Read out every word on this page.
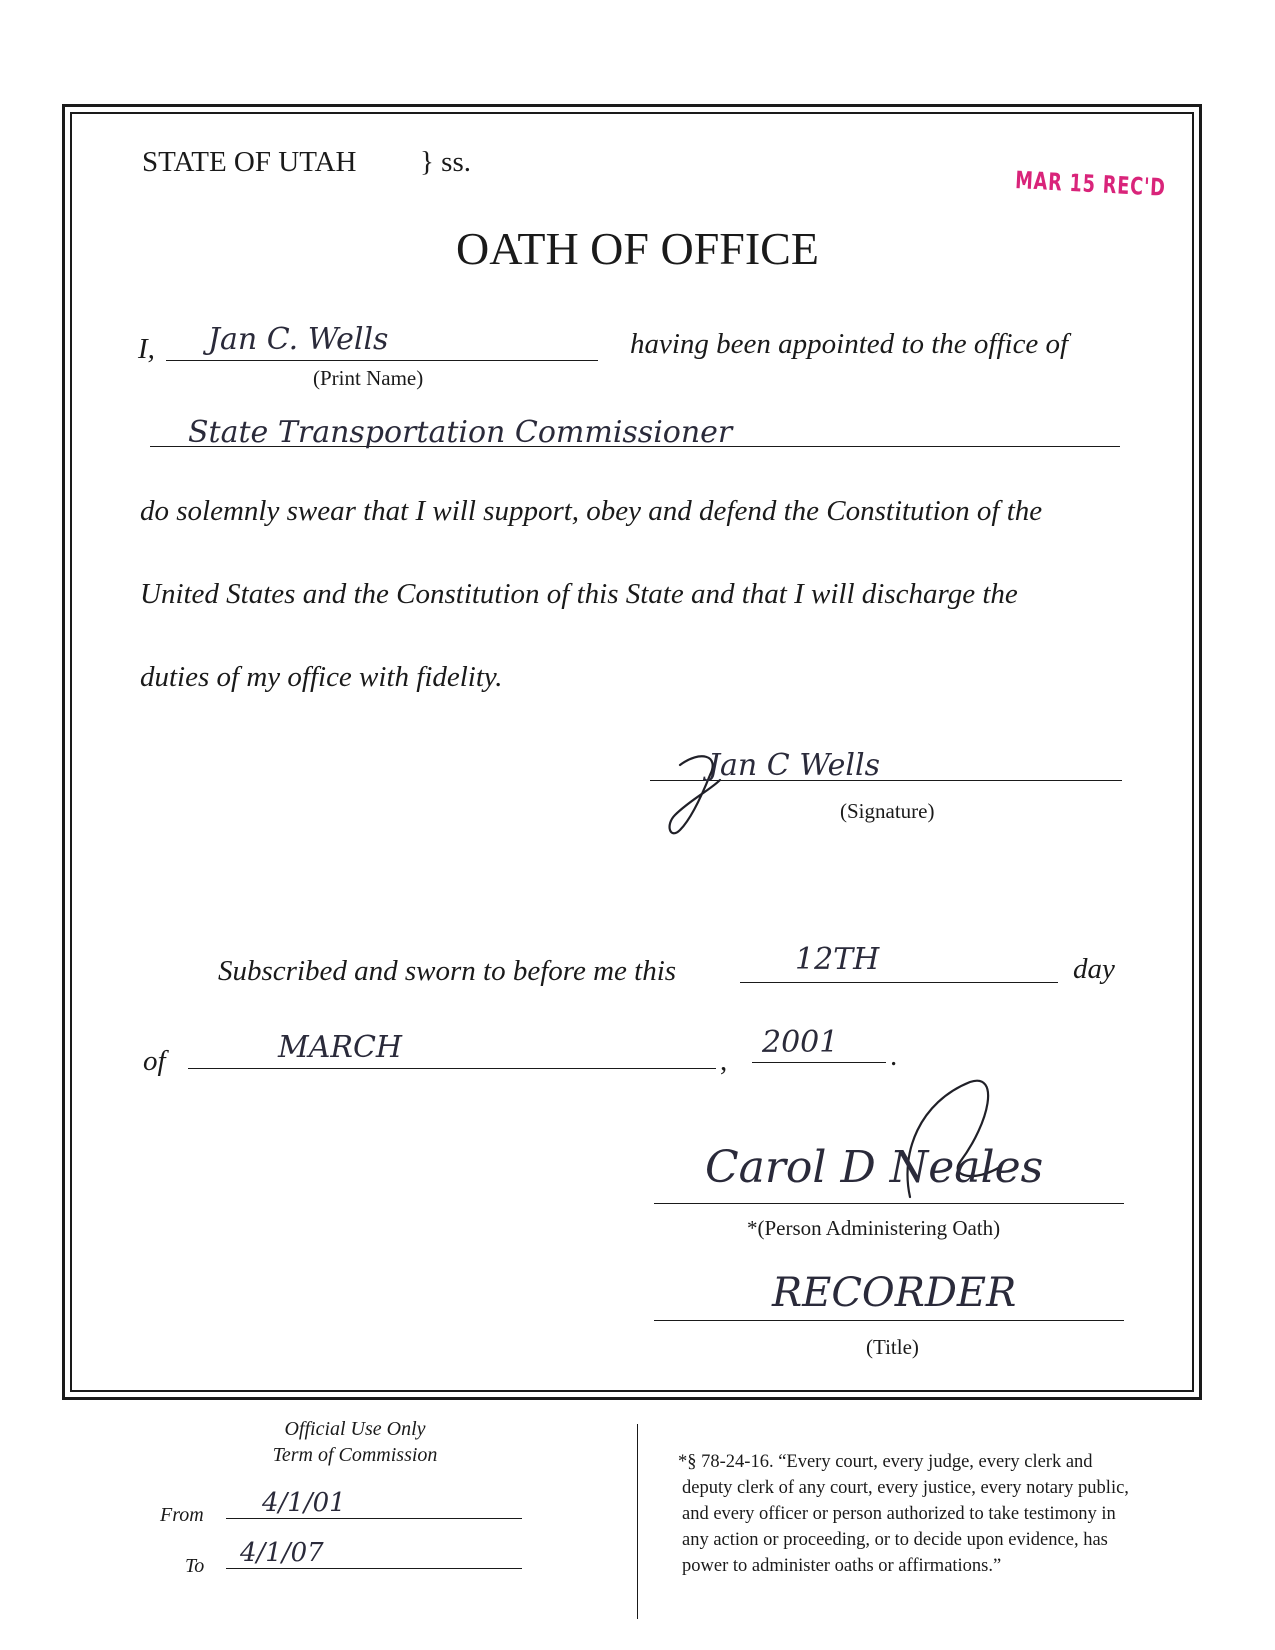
STATE OF UTAH } ss.
MAR 15 REC'D
OATH OF OFFICE
I, Jan C. Wells	having been appointed to the office of
(Print Name)
State Transportation Commissioner
do solemnly swear that I will support, obey and defend the Constitution of the
United States and the Constitution of this State and that I will discharge the
duties of my office with fidelity.
Jan C Wells
(Signature)
Subscribed and sworn to before me this	12TH	day
of	MARCH	,
2001 .
Carol D Neales
*(Person Administering Oath)
RECORDER
(Title)
Official Use Only
Term of Commission
From 4/1/01
To 4/1/07
*§ 78-24-16. “Every court, every judge, every clerk and
deputy clerk of any court, every justice, every notary public,
and every officer or person authorized to take testimony in
any action or proceeding, or to decide upon evidence, has
power to administer oaths or affirmations.”
